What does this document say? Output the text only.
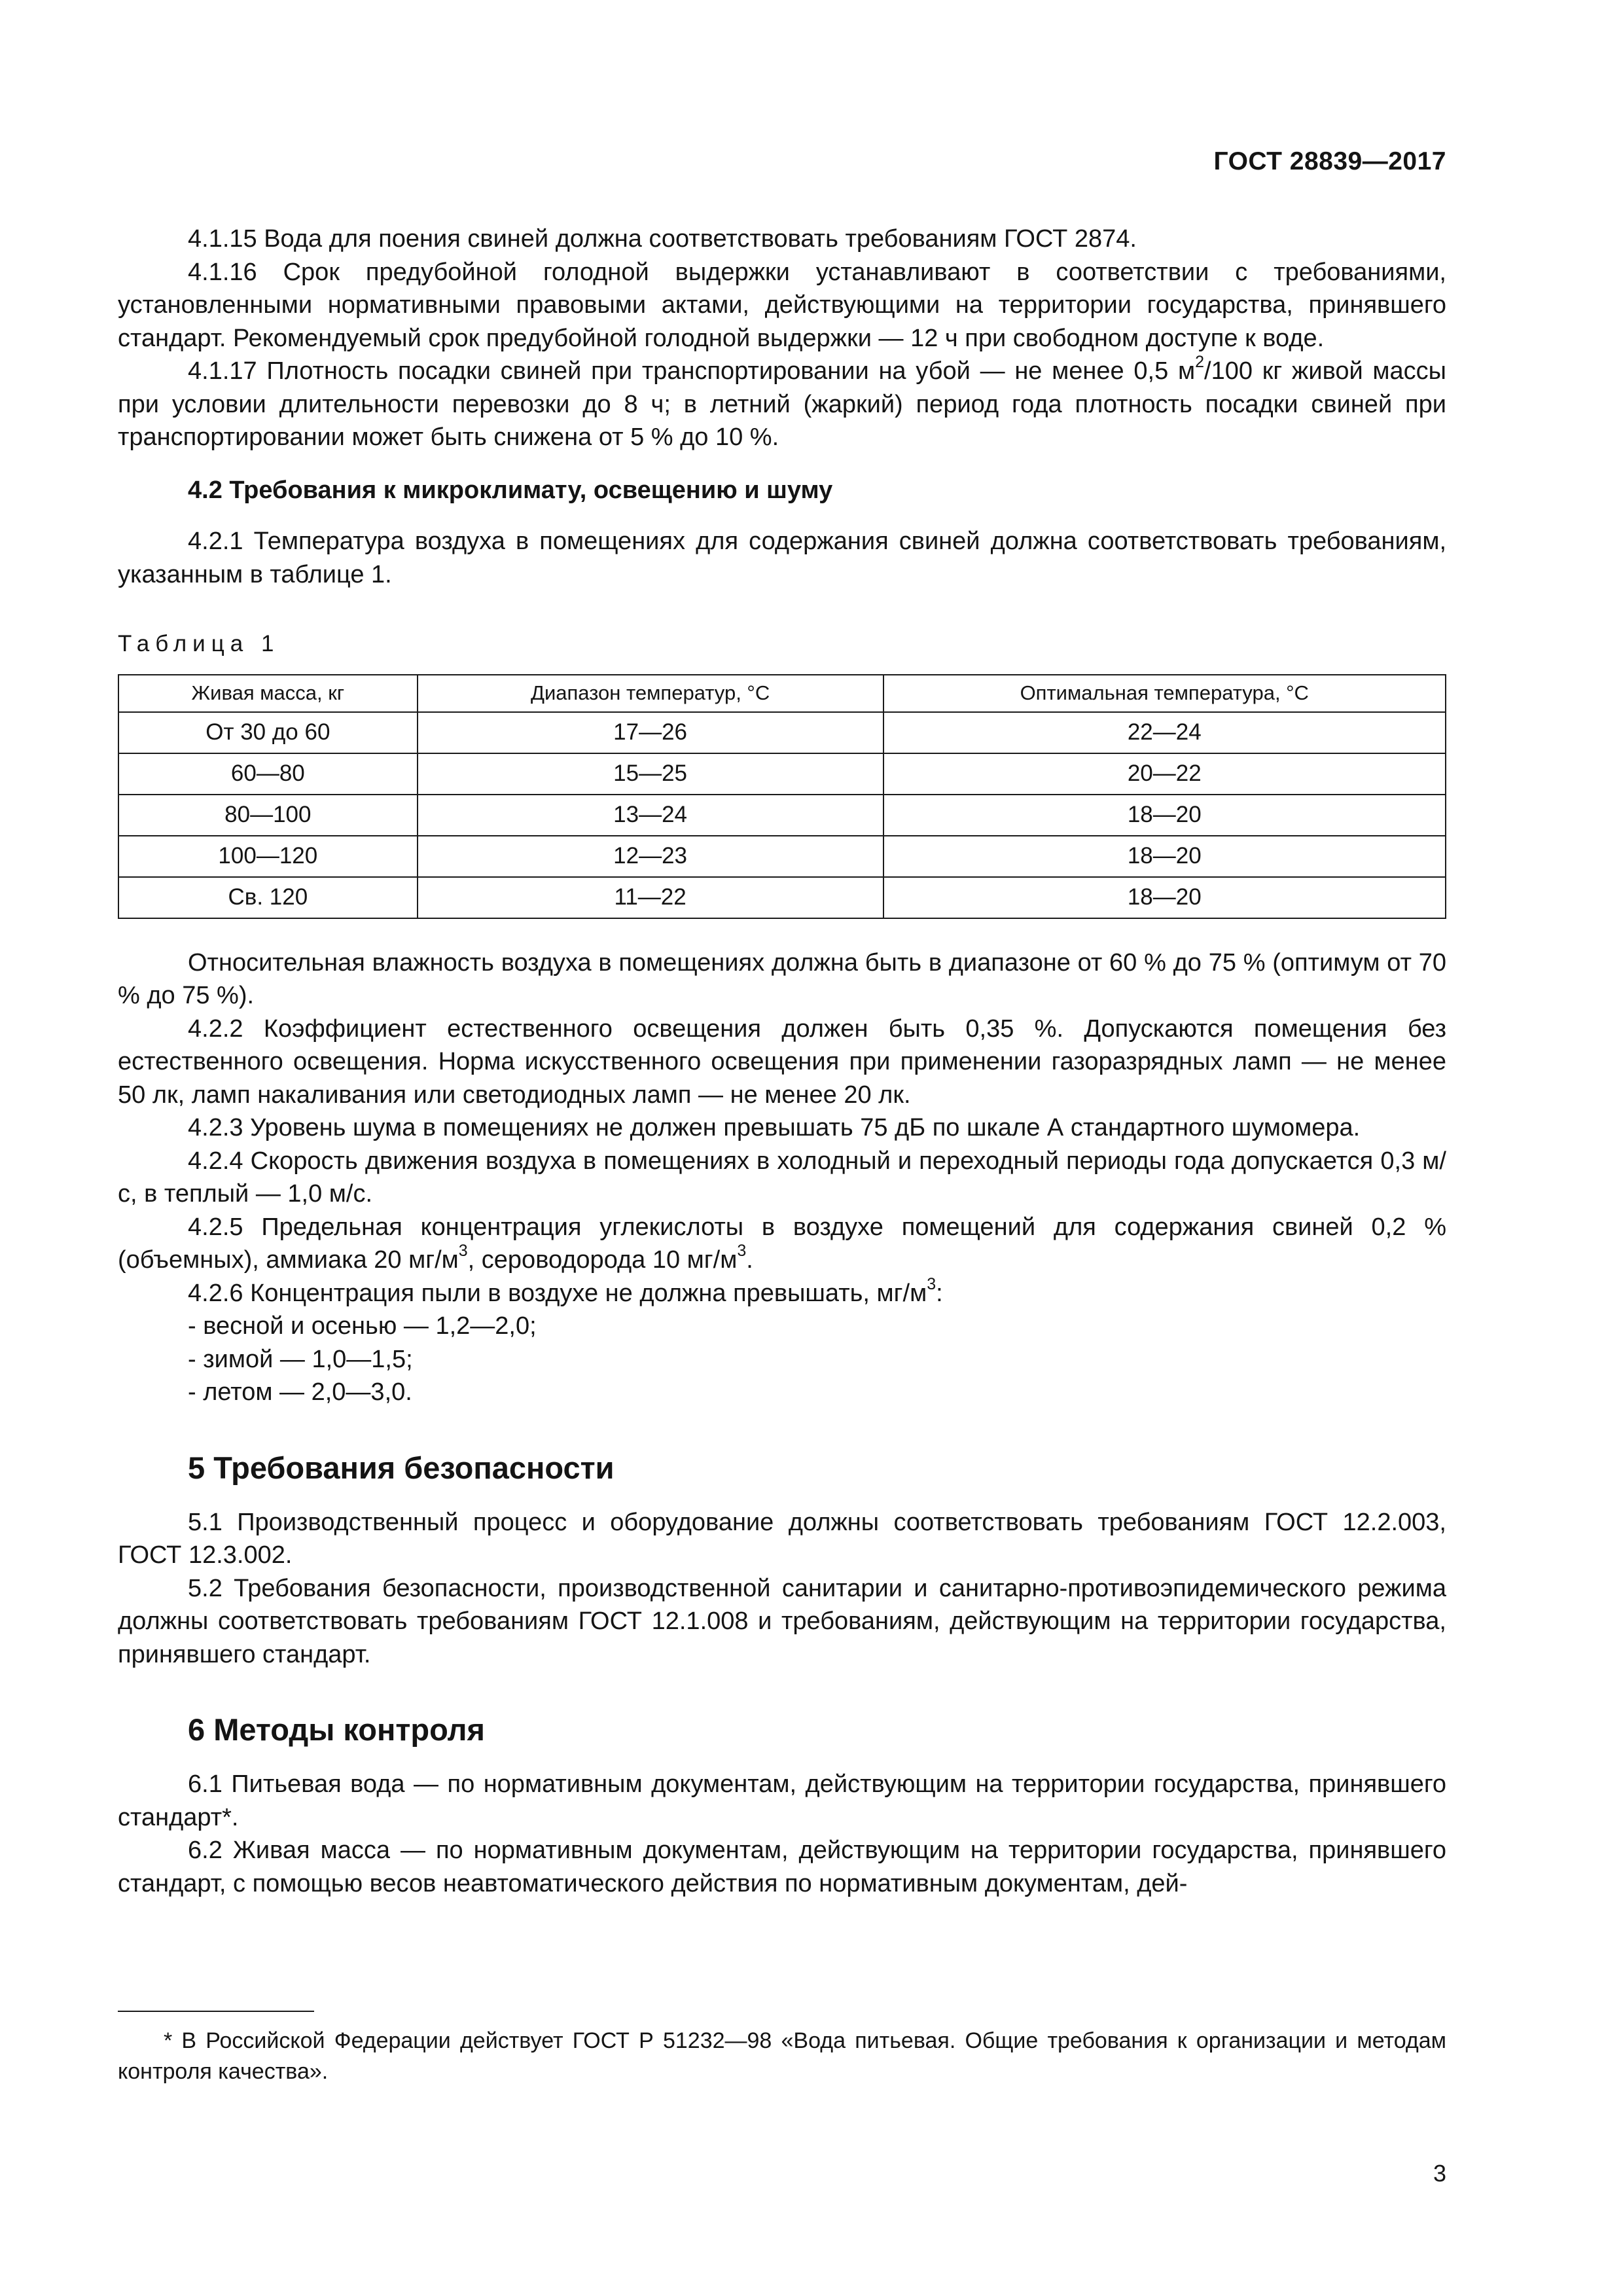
ГОСТ 28839—2017

4.1.15 Вода для поения свиней должна соответствовать требованиям ГОСТ 2874.

4.1.16 Срок предубойной голодной выдержки устанавливают в соответствии с требованиями, установленными нормативными правовыми актами, действующими на территории государства, принявшего стандарт. Рекомендуемый срок предубойной голодной выдержки — 12 ч при свободном доступе к воде.

4.1.17 Плотность посадки свиней при транспортировании на убой — не менее 0,5 $м^2/100$ кг живой массы при условии длительности перевозки до 8 ч; в летний (жаркий) период года плотность посадки свиней при транспортировании может быть снижена от 5 % до 10 %.

4.2 Требования к микроклимату, освещению и шуму

4.2.1 Температура воздуха в помещениях для содержания свиней должна соответствовать требованиям, указанным в таблице 1.

Таблица 1
Живая масса, кг	Диапазон температур, °С	Оптимальная температура, °С
От 30 до 60	17—26	22—24
60—80	15—25	20—22
80—100	13—24	18—20
100—120	12—23	18—20
Св. 120	11—22	18—20

Относительная влажность воздуха в помещениях должна быть в диапазоне от 60 % до 75 % (оптимум от 70 % до 75 %).

4.2.2 Коэффициент естественного освещения должен быть 0,35 %. Допускаются помещения без естественного освещения. Норма искусственного освещения при применении газоразрядных ламп — не менее 50 лк, ламп накаливания или светодиодных ламп — не менее 20 лк.

4.2.3 Уровень шума в помещениях не должен превышать 75 дБ по шкале А стандартного шумомера.

4.2.4 Скорость движения воздуха в помещениях в холодный и переходный периоды года допускается 0,3 м/с, в теплый — 1,0 м/с.

4.2.5 Предельная концентрация углекислоты в воздухе помещений для содержания свиней 0,2 % (объемных), аммиака 20 $мг/м^3$, сероводорода 10 $мг/м^3$.

4.2.6 Концентрация пыли в воздухе не должна превышать, $мг/м^3$:

- весной и осенью — 1,2—2,0;

- зимой — 1,0—1,5;

- летом — 2,0—3,0.

5 Требования безопасности

5.1 Производственный процесс и оборудование должны соответствовать требованиям ГОСТ 12.2.003, ГОСТ 12.3.002.

5.2 Требования безопасности, производственной санитарии и санитарно-противоэпидемического режима должны соответствовать требованиям ГОСТ 12.1.008 и требованиям, действующим на территории государства, принявшего стандарт.

6 Методы контроля

6.1 Питьевая вода — по нормативным документам, действующим на территории государства, принявшего стандарт*.

6.2 Живая масса — по нормативным документам, действующим на территории государства, принявшего стандарт, с помощью весов неавтоматического действия по нормативным документам, дей-

* В Российской Федерации действует ГОСТ Р 51232—98 «Вода питьевая. Общие требования к организации и методам контроля качества».
3
